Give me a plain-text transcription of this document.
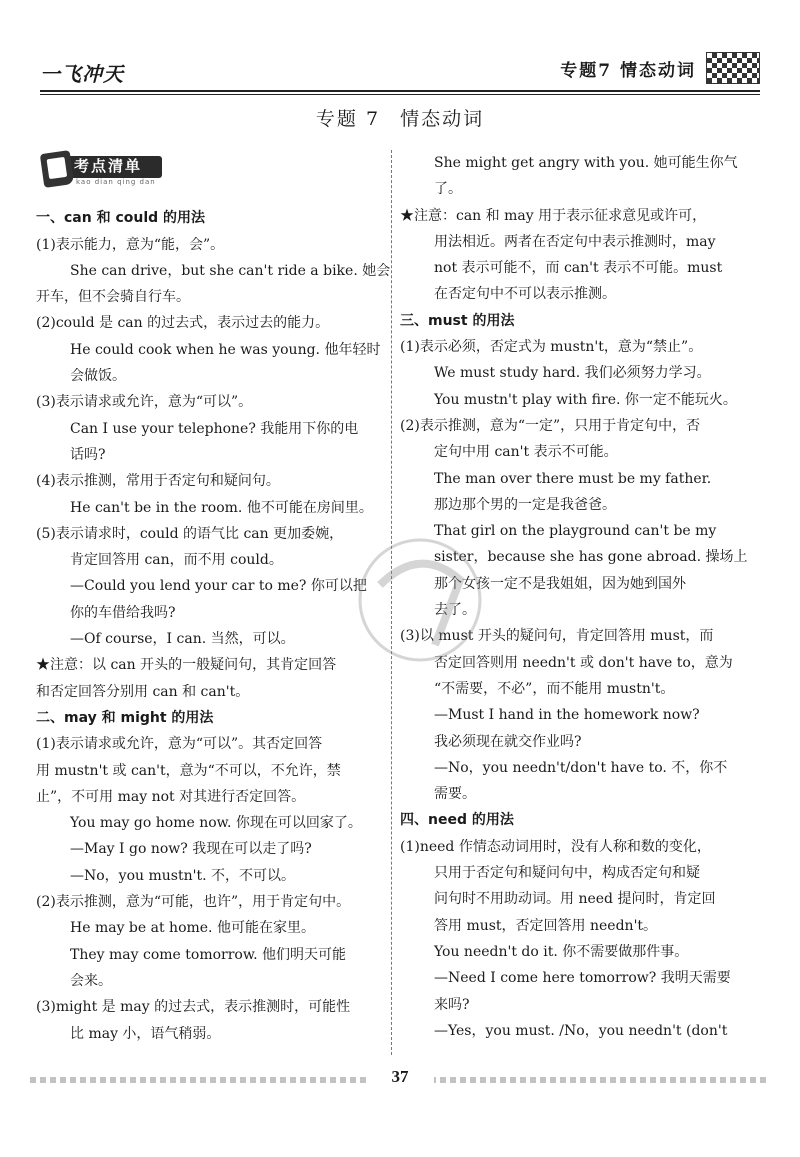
一飞冲天	专题7 情态动词
专题 7 情态动词
考点清单
kao dian qing dan

一、can 和 could 的用法

(1)表示能力，意为“能，会”。

She can drive，but she can't ride a bike. 她会

开车，但不会骑自行车。

(2)could 是 can 的过去式，表示过去的能力。

He could cook when he was young. 他年轻时

会做饭。

(3)表示请求或允许，意为“可以”。

Can I use your telephone? 我能用下你的电

话吗?

(4)表示推测，常用于否定句和疑问句。

He can't be in the room. 他不可能在房间里。

(5)表示请求时，could 的语气比 can 更加委婉，

肯定回答用 can，而不用 could。

—Could you lend your car to me? 你可以把

你的车借给我吗?

—Of course，I can. 当然，可以。

★注意：以 can 开头的一般疑问句，其肯定回答

和否定回答分别用 can 和 can't。

二、may 和 might 的用法

(1)表示请求或允许，意为“可以”。其否定回答

用 mustn't 或 can't，意为“不可以，不允许，禁

止”，不可用 may not 对其进行否定回答。

You may go home now. 你现在可以回家了。

—May I go now? 我现在可以走了吗?

—No，you mustn't. 不，不可以。

(2)表示推测，意为“可能，也许”，用于肯定句中。

He may be at home. 他可能在家里。

They may come tomorrow. 他们明天可能

会来。

(3)might 是 may 的过去式，表示推测时，可能性

比 may 小，语气稍弱。

She might get angry with you. 她可能生你气

了。

★注意：can 和 may 用于表示征求意见或许可，

用法相近。两者在否定句中表示推测时，may

not 表示可能不，而 can't 表示不可能。must

在否定句中不可以表示推测。

三、must 的用法

(1)表示必须，否定式为 mustn't，意为“禁止”。

We must study hard. 我们必须努力学习。

You mustn't play with fire. 你一定不能玩火。

(2)表示推测，意为“一定”，只用于肯定句中，否

定句中用 can't 表示不可能。

The man over there must be my father.

那边那个男的一定是我爸爸。

That girl on the playground can't be my

sister，because she has gone abroad. 操场上

那个女孩一定不是我姐姐，因为她到国外

去了。

(3)以 must 开头的疑问句，肯定回答用 must，而

否定回答则用 needn't 或 don't have to，意为

“不需要，不必”，而不能用 mustn't。

—Must I hand in the homework now?

我必须现在就交作业吗?

—No，you needn't/don't have to. 不，你不

需要。

四、need 的用法

(1)need 作情态动词用时，没有人称和数的变化，

只用于否定句和疑问句中，构成否定句和疑

问句时不用助动词。用 need 提问时，肯定回

答用 must，否定回答用 needn't。

You needn't do it. 你不需要做那件事。

—Need I come here tomorrow? 我明天需要

来吗?

—Yes，you must. /No，you needn't (don't

37
